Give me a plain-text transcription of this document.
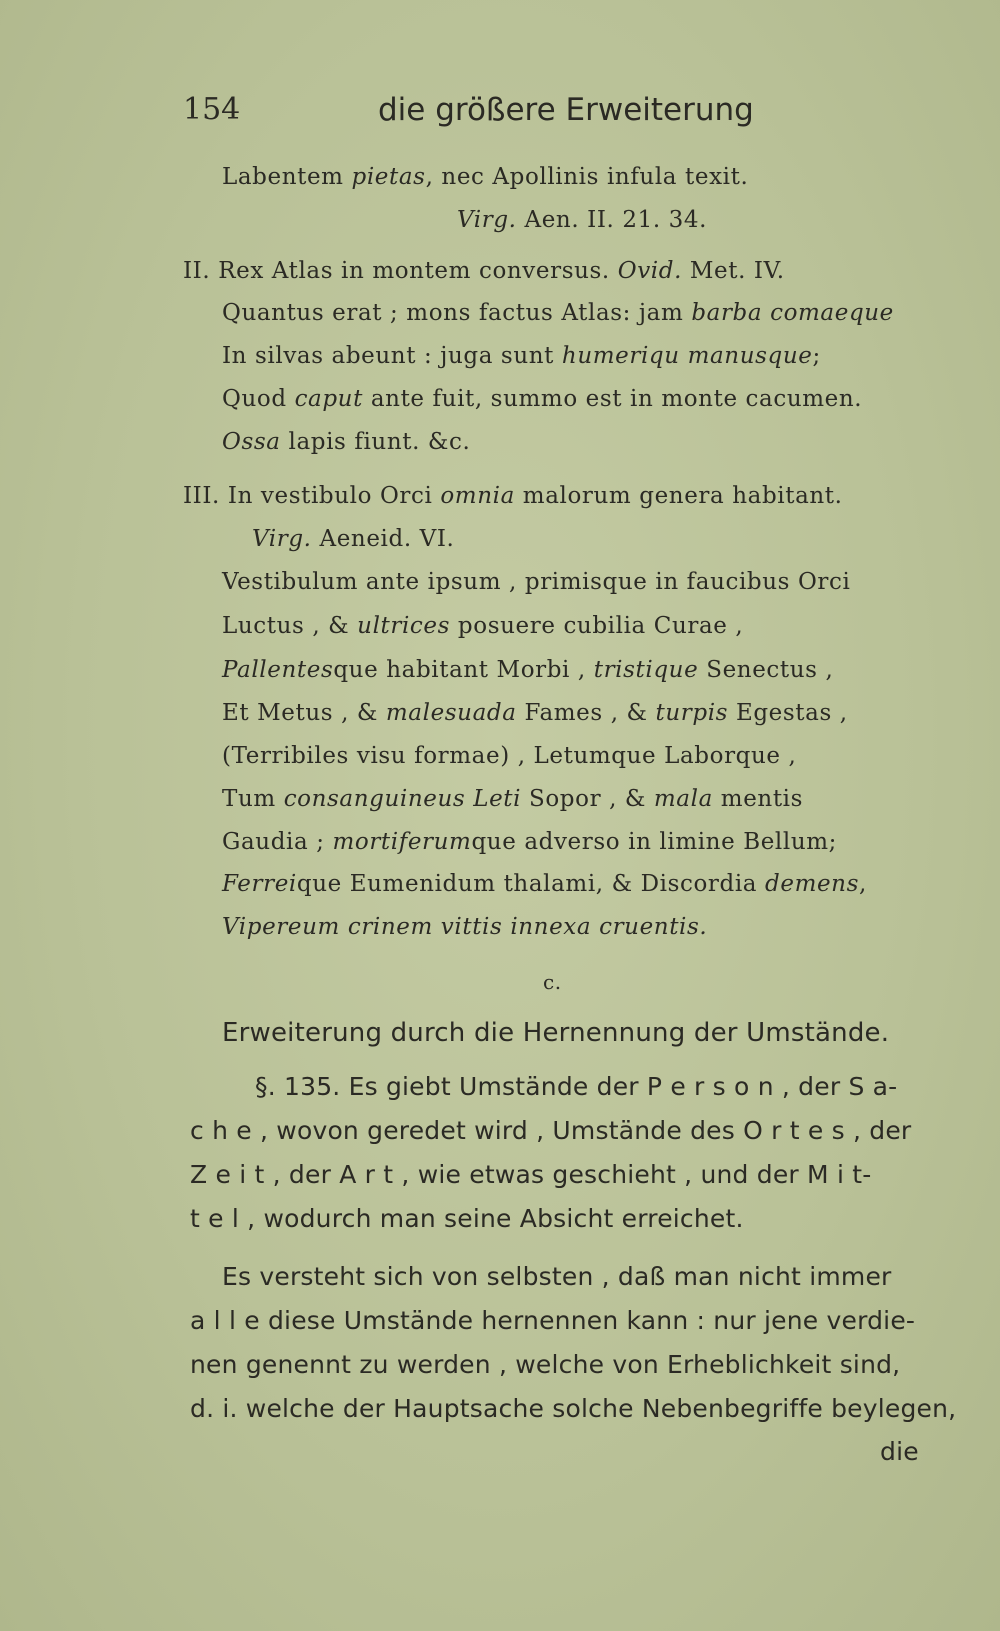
154	die größere Erweiterung
Labentem pietas, nec Apollinis infula texit.
Virg. Aen. II. 21. 34.
II. Rex Atlas in montem conversus. Ovid. Met. IV.
Quantus erat ; mons factus Atlas: jam barba comaeque
In silvas abeunt : juga sunt humeriqu manusque;
Quod caput ante fuit, summo est in monte cacumen.
Ossa lapis fiunt. &c.
III. In vestibulo Orci omnia malorum genera habitant.
Virg. Aeneid. VI.
Vestibulum ante ipsum , primisque in faucibus Orci
Luctus , & ultrices posuere cubilia Curae ,
Pallentesque habitant Morbi , tristique Senectus ,
Et Metus , & malesuada Fames , & turpis Egestas ,
(Terribiles visu formae) , Letumque Laborque ,
Tum consanguineus Leti Sopor , & mala mentis
Gaudia ; mortiferumque adverso in limine Bellum;
Ferreique Eumenidum thalami, & Discordia demens,
Vipereum crinem vittis innexa cruentis.
c.
Erweiterung durch die Hernennung der Umstände.
§. 135. Es giebt Umstände der P e r s o n , der S a-
c h e , wovon geredet wird , Umstände des O r t e s , der
Z e i t , der A r t , wie etwas geschieht , und der M i t-
t e l , wodurch man seine Absicht erreichet.
Es versteht sich von selbsten , daß man nicht immer
a l l e diese Umstände hernennen kann : nur jene verdie-
nen genennt zu werden , welche von Erheblichkeit sind,
d. i. welche der Hauptsache solche Nebenbegriffe beylegen,
die
